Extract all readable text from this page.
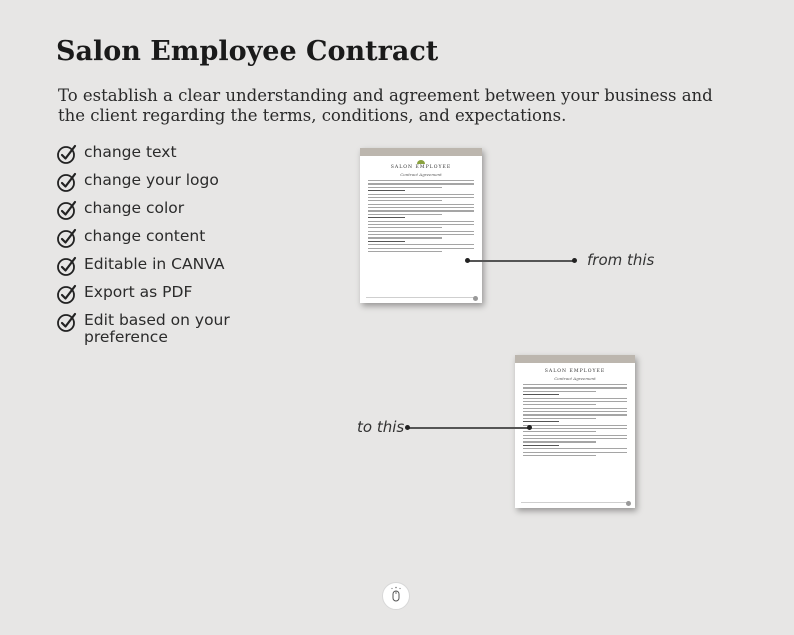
Salon Employee Contract
To establish a clear understanding and agreement between your business and the client regarding the terms, conditions, and expectations.
change text
change your logo
change color
change content
Editable in CANVA
Export as PDF
Edit based on your preference
SALON EMPLOYEE
Contract Agreement
SALON EMPLOYEE
Contract Agreement
from this
to this
